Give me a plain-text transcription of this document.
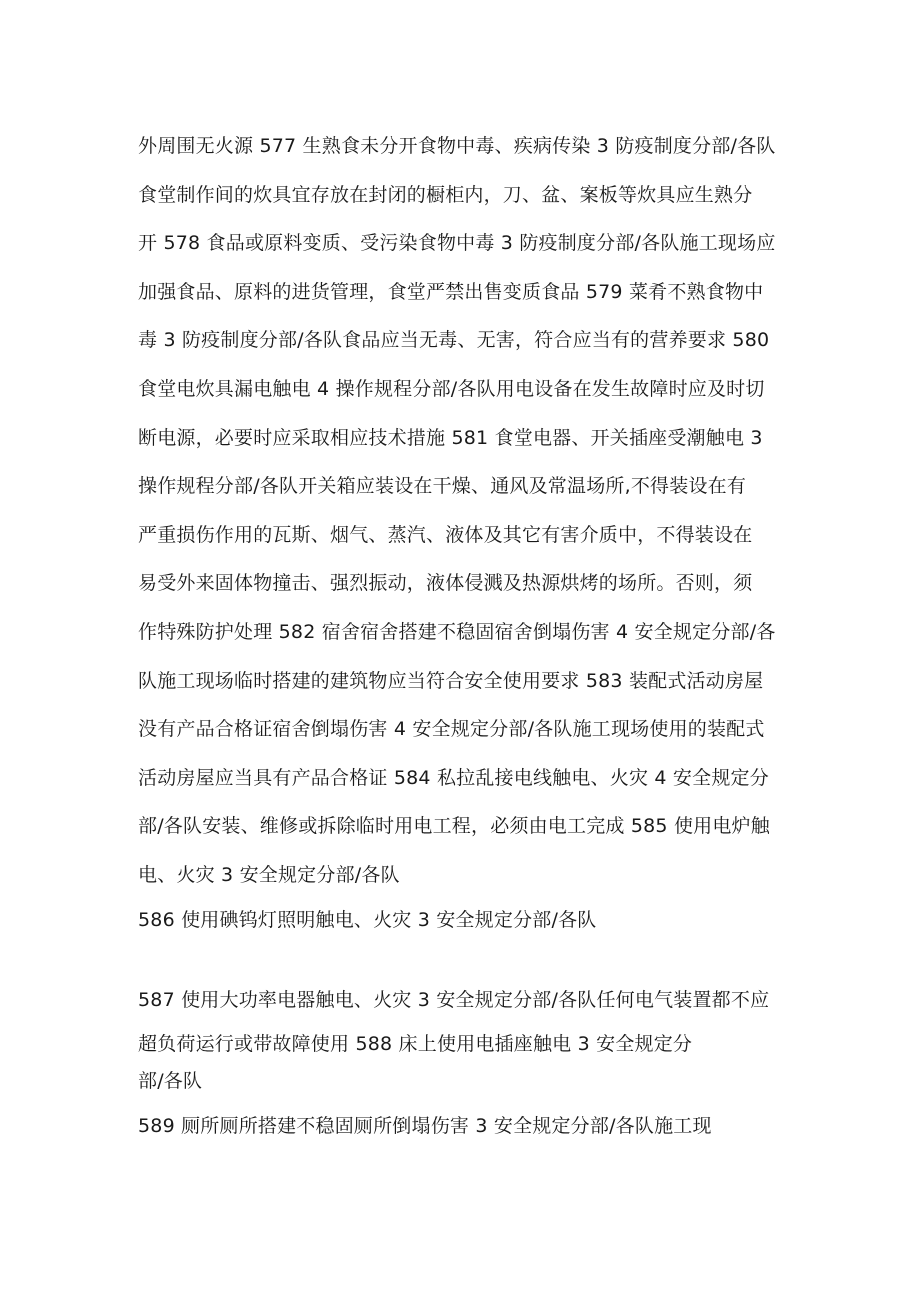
外周围无火源 577 生熟食未分开食物中毒、疾病传染 3 防疫制度分部/各队
食堂制作间的炊具宜存放在封闭的橱柜内，刀、盆、案板等炊具应生熟分
开 578 食品或原料变质、受污染食物中毒 3 防疫制度分部/各队施工现场应
加强食品、原料的进货管理，食堂严禁出售变质食品 579 菜肴不熟食物中
毒 3 防疫制度分部/各队食品应当无毒、无害，符合应当有的营养要求 580
食堂电炊具漏电触电 4 操作规程分部/各队用电设备在发生故障时应及时切
断电源，必要时应采取相应技术措施 581 食堂电器、开关插座受潮触电 3
操作规程分部/各队开关箱应装设在干燥、通风及常温场所,不得装设在有
严重损伤作用的瓦斯、烟气、蒸汽、液体及其它有害介质中，不得装设在
易受外来固体物撞击、强烈振动，液体侵溅及热源烘烤的场所。否则，须
作特殊防护处理 582 宿舍宿舍搭建不稳固宿舍倒塌伤害 4 安全规定分部/各
队施工现场临时搭建的建筑物应当符合安全使用要求 583 装配式活动房屋
没有产品合格证宿舍倒塌伤害 4 安全规定分部/各队施工现场使用的装配式
活动房屋应当具有产品合格证 584 私拉乱接电线触电、火灾 4 安全规定分
部/各队安装、维修或拆除临时用电工程，必须由电工完成 585 使用电炉触
电、火灾 3 安全规定分部/各队
586 使用碘钨灯照明触电、火灾 3 安全规定分部/各队
587 使用大功率电器触电、火灾 3 安全规定分部/各队任何电气装置都不应
超负荷运行或带故障使用 588 床上使用电插座触电 3 安全规定分
部/各队
589 厕所厕所搭建不稳固厕所倒塌伤害 3 安全规定分部/各队施工现
